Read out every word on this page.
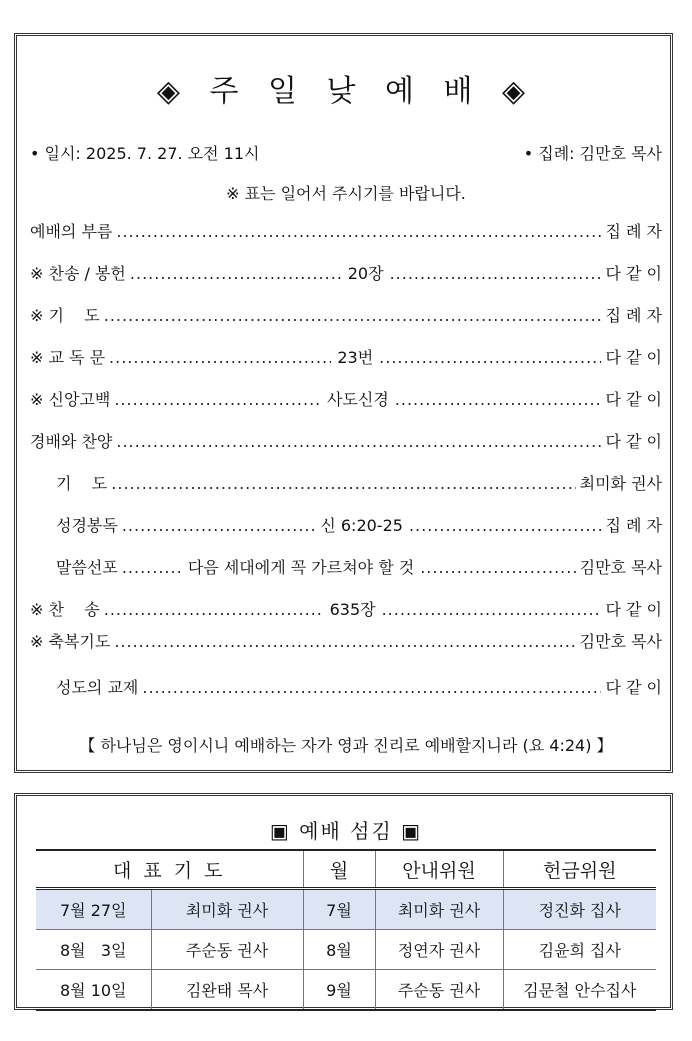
◈ 주 일 낮 예 배 ◈
• 일시: 2025. 7. 27. 오전 11시	• 집례: 김만호 목사
※ 표는 일어서 주시기를 바랍니다.
예배의 부름 .....	집 례 자
※ 찬송 / 봉헌 .....	20장 .....	다 같 이
※ 기    도 .....	집 례 자
※ 교 독 문 .....	23번 .....	다 같 이
※ 신앙고백 .....	사도신경 .....	다 같 이
경배와 찬양 .....	다 같 이
기    도 .....	최미화 권사
성경봉독 .....	신 6:20-25 .....	집 례 자
말씀선포 .....	다음 세대에게 꼭 가르쳐야 할 것 .....	김만호 목사
※ 찬    송 .....	635장 .....	다 같 이
※ 축복기도 .....	김만호 목사
성도의 교제 .....	다 같 이
【 하나님은 영이시니 예배하는 자가 영과 진리로 예배할지니라 (요 4:24) 】
▣ 예배 섬김 ▣
대 표 기 도		월	안내위원	헌금위원
7월 27일	최미화 권사	7월	최미화 권사	정진화 집사
8월   3일	주순동 권사	8월	정연자 권사	김윤희 집사
8월 10일	김완태 목사	9월	주순동 권사	김문철 안수집사
